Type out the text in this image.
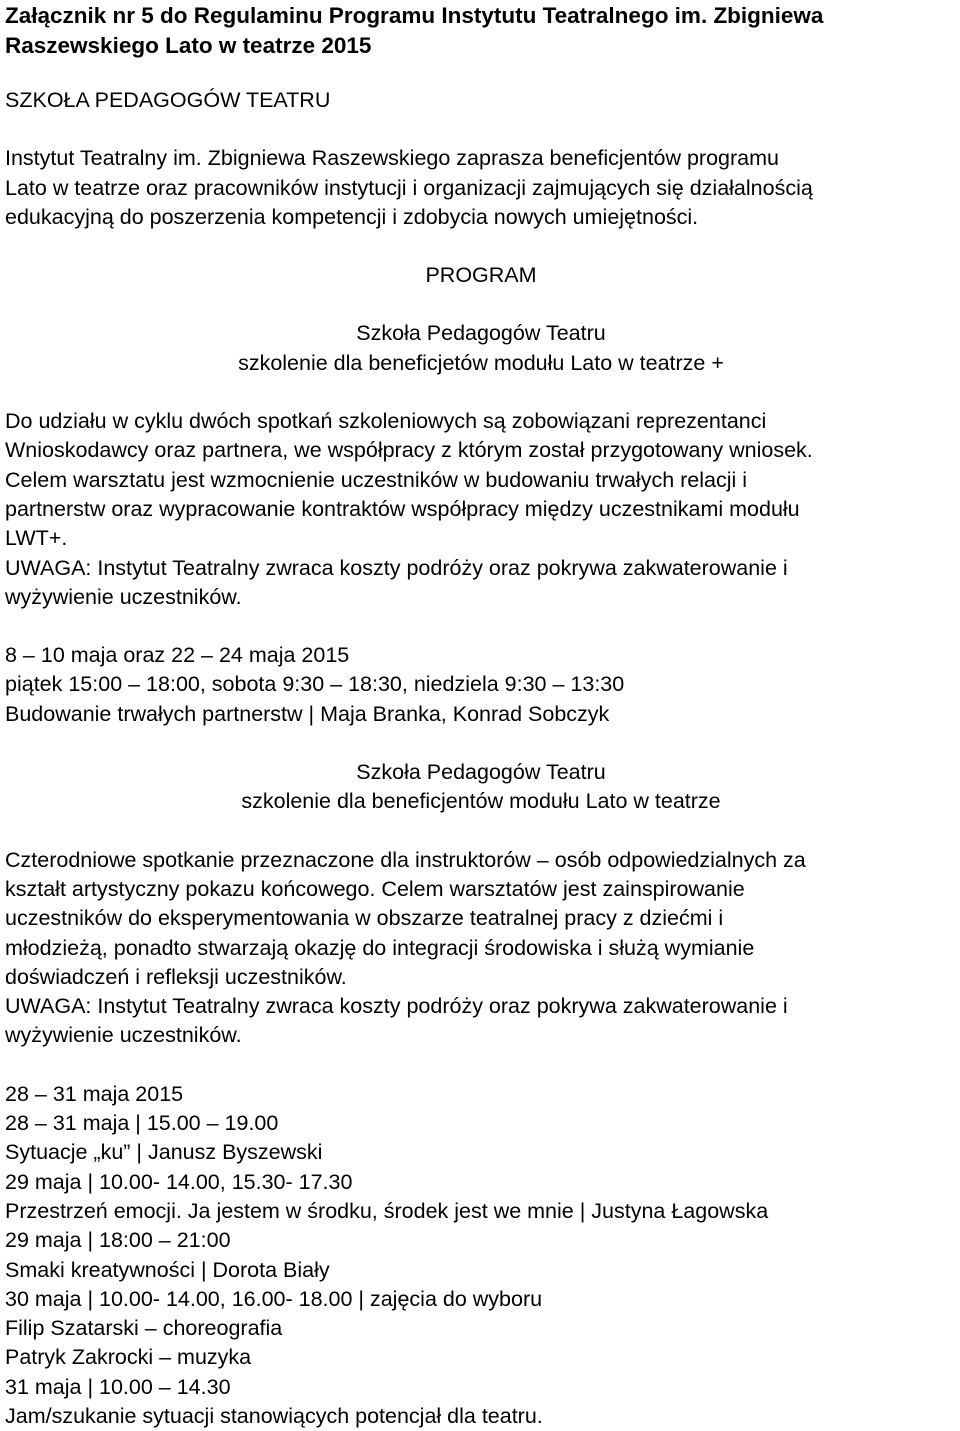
Załącznik nr 5 do Regulaminu Programu Instytutu Teatralnego im. Zbigniewa
Raszewskiego Lato w teatrze 2015
SZKOŁA PEDAGOGÓW TEATRU
Instytut Teatralny im. Zbigniewa Raszewskiego zaprasza beneficjentów programu
Lato w teatrze oraz pracowników instytucji i organizacji zajmujących się działalnością
edukacyjną do poszerzenia kompetencji i zdobycia nowych umiejętności.
PROGRAM
Szkoła Pedagogów Teatru
szkolenie dla beneficjetów modułu Lato w teatrze +
Do udziału w cyklu dwóch spotkań szkoleniowych są zobowiązani reprezentanci
Wnioskodawcy oraz partnera, we współpracy z którym został przygotowany wniosek.
Celem warsztatu jest wzmocnienie uczestników w budowaniu trwałych relacji i
partnerstw oraz wypracowanie kontraktów współpracy między uczestnikami modułu
LWT+.
UWAGA: Instytut Teatralny zwraca koszty podróży oraz pokrywa zakwaterowanie i
wyżywienie uczestników.
8 – 10 maja oraz 22 – 24 maja 2015
piątek 15:00 – 18:00, sobota 9:30 – 18:30, niedziela 9:30 – 13:30
Budowanie trwałych partnerstw | Maja Branka, Konrad Sobczyk
Szkoła Pedagogów Teatru
szkolenie dla beneficjentów modułu Lato w teatrze
Czterodniowe spotkanie przeznaczone dla instruktorów – osób odpowiedzialnych za
kształt artystyczny pokazu końcowego. Celem warsztatów jest zainspirowanie
uczestników do eksperymentowania w obszarze teatralnej pracy z dziećmi i
młodzieżą, ponadto stwarzają okazję do integracji środowiska i służą wymianie
doświadczeń i refleksji uczestników.
UWAGA: Instytut Teatralny zwraca koszty podróży oraz pokrywa zakwaterowanie i
wyżywienie uczestników.
28 – 31 maja 2015
28 – 31 maja | 15.00 – 19.00
Sytuacje „ku” | Janusz Byszewski
29 maja | 10.00- 14.00, 15.30- 17.30
Przestrzeń emocji. Ja jestem w środku, środek jest we mnie | Justyna Łagowska
29 maja | 18:00 – 21:00
Smaki kreatywności | Dorota Biały
30 maja | 10.00- 14.00, 16.00- 18.00 | zajęcia do wyboru
Filip Szatarski – choreografia
Patryk Zakrocki – muzyka
31 maja | 10.00 – 14.30
Jam/szukanie sytuacji stanowiących potencjał dla teatru.
